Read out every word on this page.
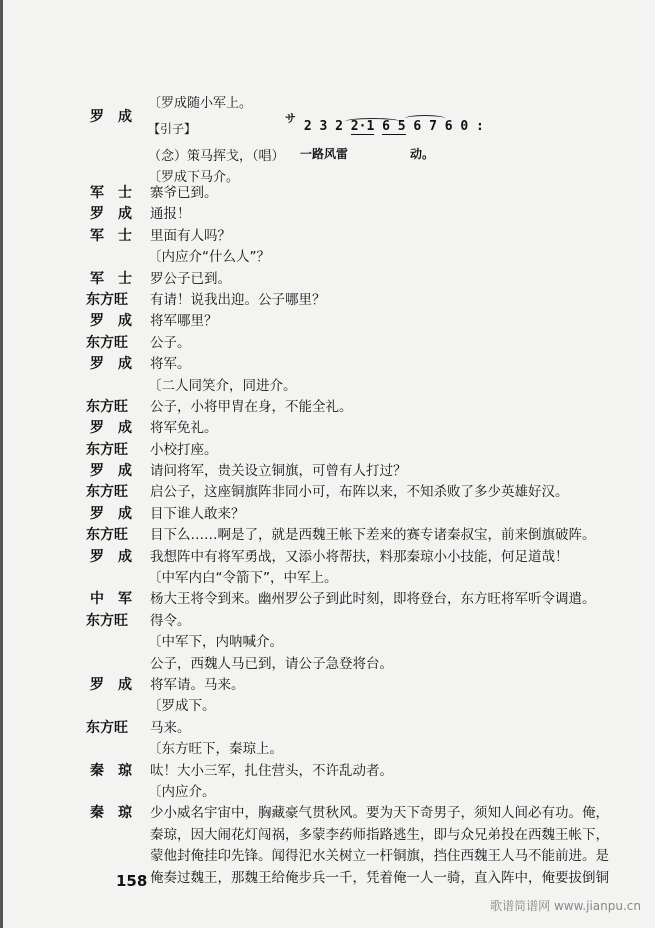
〔罗成随小军上。
罗成
【引子】
（念）策马挥戈，（唱） 一路风雷	动。
〔罗成下马介。
$^サ$ 2 3 2 2·1 6 5 6 7 6 0 :
军士 寨爷已到。
罗成 通报！
军士 里面有人吗？
〔内应介“什么人”？
军士 罗公子已到。
东方旺 有请！说我出迎。公子哪里？
罗成 将军哪里？
东方旺 公子。
罗成 将军。
〔二人同笑介，同进介。
东方旺 公子，小将甲胄在身，不能全礼。
罗成 将军免礼。
东方旺 小校打座。
罗成 请问将军，贵关设立铜旗，可曾有人打过？
东方旺 启公子，这座铜旗阵非同小可，布阵以来，不知杀败了多少英雄好汉。
罗成 目下谁人敢来？
东方旺 目下么……啊是了，就是西魏王帐下差来的赛专诸秦叔宝，前来倒旗破阵。
罗成 我想阵中有将军勇战，又添小将帮扶，料那秦琼小小技能，何足道哉！
〔中军内白“令箭下”，中军上。
中军 杨大王将令到来。幽州罗公子到此时刻，即将登台，东方旺将军听令调遣。
东方旺 得令。
〔中军下，内呐喊介。
公子，西魏人马已到，请公子急登将台。
罗成 将军请。马来。
〔罗成下。
东方旺 马来。
〔东方旺下，秦琼上。
秦琼 呔！大小三军，扎住营头，不许乱动者。
〔内应介。
秦琼 少小威名宇宙中，胸藏豪气贯秋风。要为天下奇男子，须知人间必有功。俺，
秦琼，因大闹花灯闯祸，多蒙李药师指路逃生，即与众兄弟投在西魏王帐下，
蒙他封俺挂印先锋。闻得汜水关树立一杆铜旗，挡住西魏王人马不能前进。是
俺奏过魏王，那魏王给俺步兵一千，凭着俺一人一骑，直入阵中，俺要拔倒铜
158
歌谱简谱网 www.jianpu.cn
